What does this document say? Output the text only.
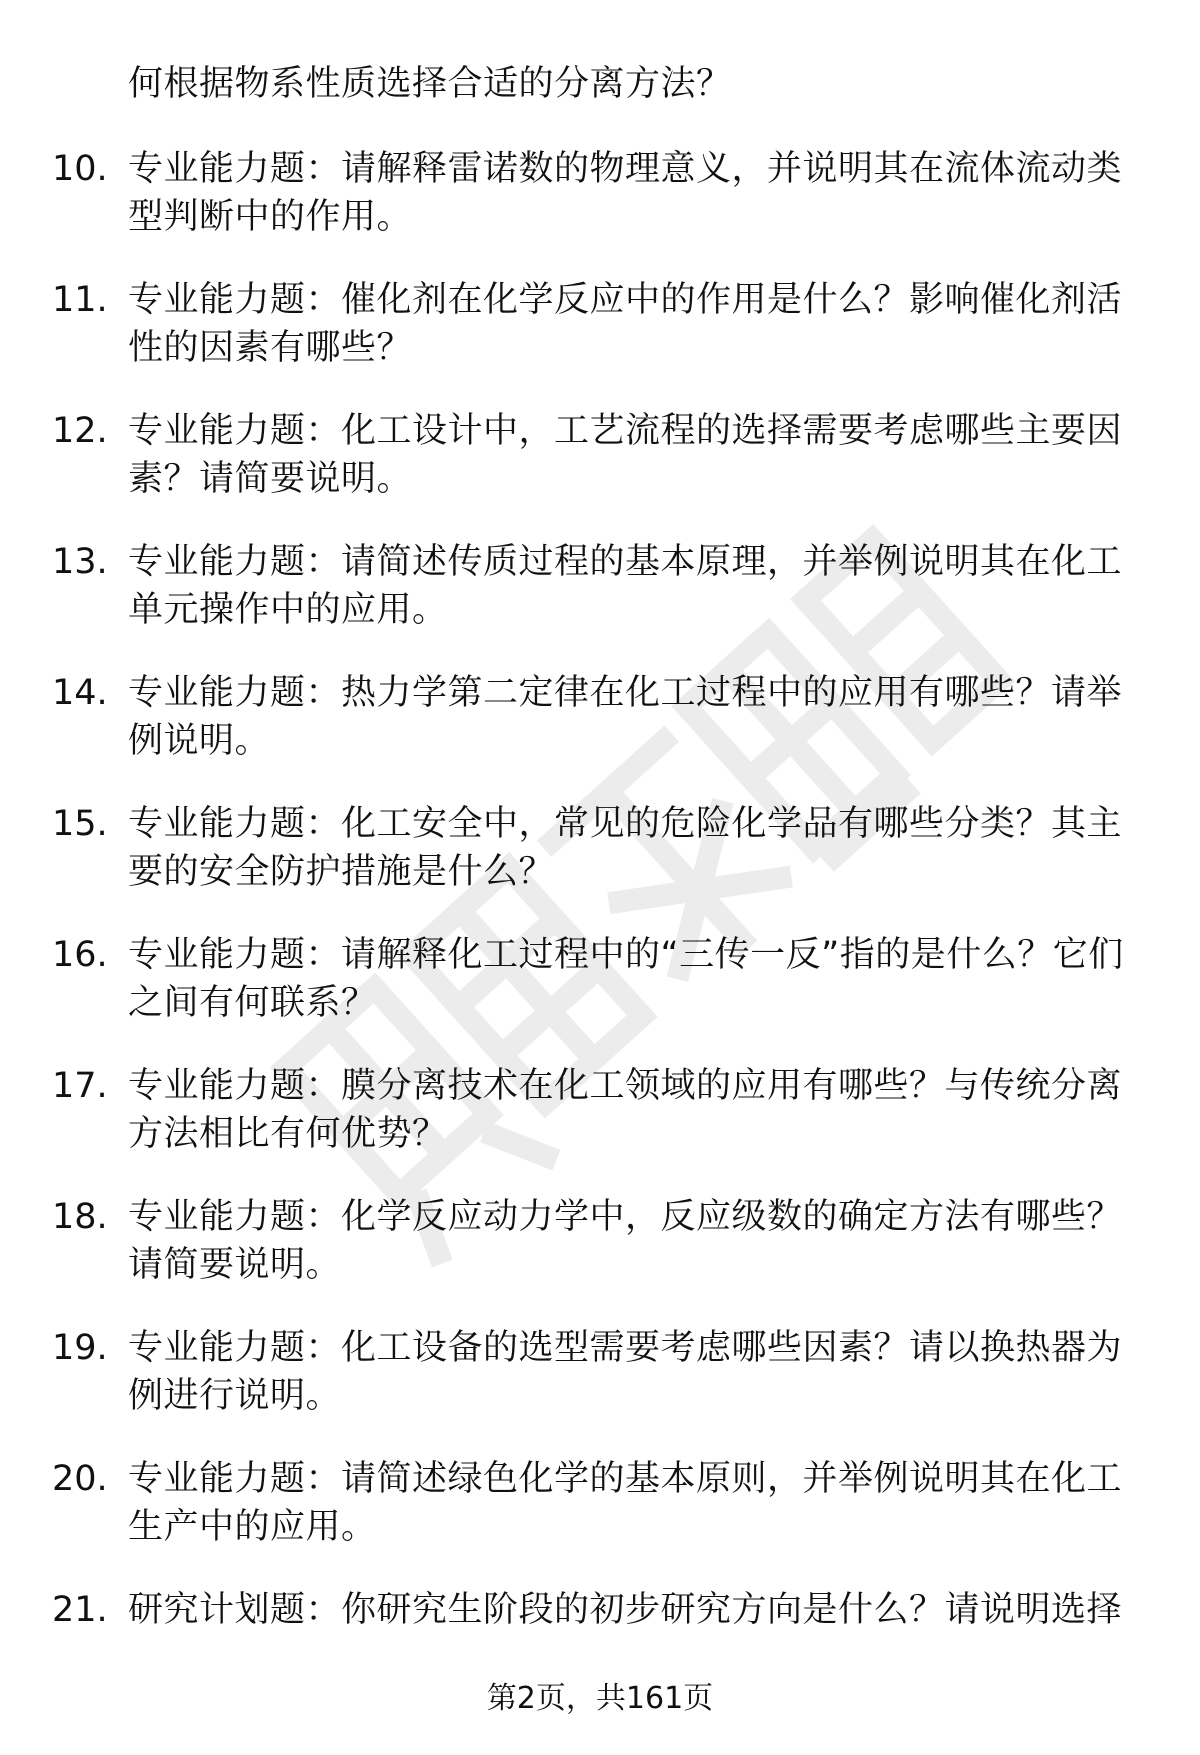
何根据物系性质选择合适的分离方法？
10. 专业能力题：请解释雷诺数的物理意义，并说明其在流体流动类型判断中的作用。
11. 专业能力题：催化剂在化学反应中的作用是什么？影响催化剂活性的因素有哪些？
12. 专业能力题：化工设计中，工艺流程的选择需要考虑哪些主要因素？请简要说明。
13. 专业能力题：请简述传质过程的基本原理，并举例说明其在化工单元操作中的应用。
14. 专业能力题：热力学第二定律在化工过程中的应用有哪些？请举例说明。
15. 专业能力题：化工安全中，常见的危险化学品有哪些分类？其主要的安全防护措施是什么？
16. 专业能力题：请解释化工过程中的“三传一反”指的是什么？它们之间有何联系？
17. 专业能力题：膜分离技术在化工领域的应用有哪些？与传统分离方法相比有何优势？
18. 专业能力题：化学反应动力学中，反应级数的确定方法有哪些？请简要说明。
19. 专业能力题：化工设备的选型需要考虑哪些因素？请以换热器为例进行说明。
20. 专业能力题：请简述绿色化学的基本原则，并举例说明其在化工生产中的应用。
21. 研究计划题：你研究生阶段的初步研究方向是什么？请说明选择
第2页，共161页
